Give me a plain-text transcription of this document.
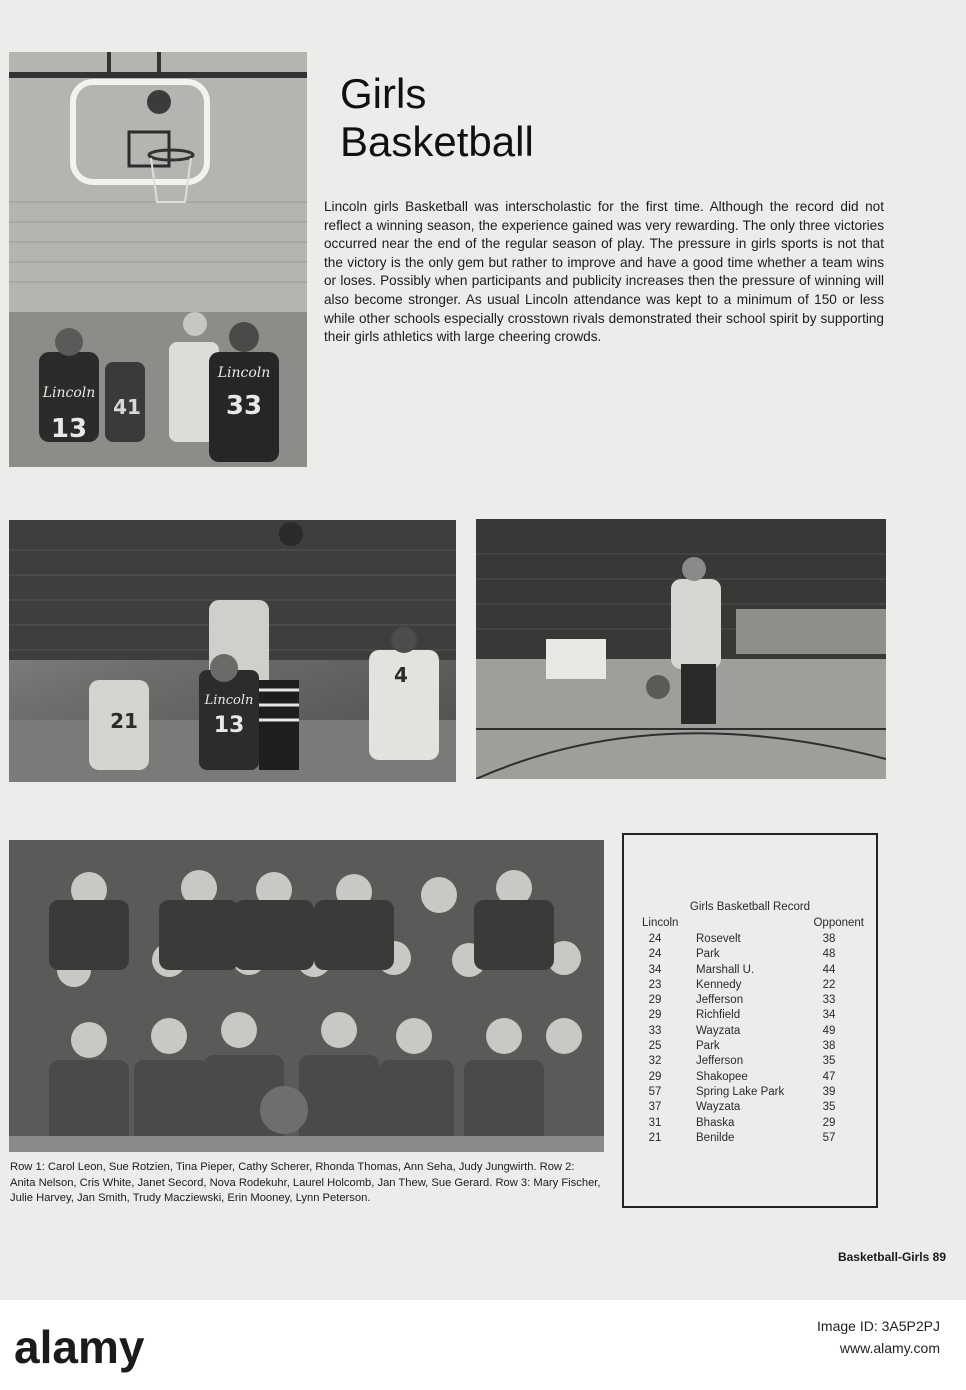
Lincoln
13
Lincoln
33
41
Girls
Basketball

Lincoln girls Basketball was interscholastic for the first time. Although the record did not reflect a winning season, the experience gained was very rewarding. The only three victories occurred near the end of the regular season of play. The pressure in girls sports is not that the victory is the only gem but rather to improve and have a good time whether a team wins or loses. Possibly when participants and publicity increases then the pressure of winning will also become stronger. As usual Lincoln attendance was kept to a minimum of 150 or less while other schools especially crosstown rivals demonstrated their school spirit by supporting their girls athletics with large cheering crowds.

Lincoln
13
21
4

Row 1: Carol Leon, Sue Rotzien, Tina Pieper, Cathy Scherer, Rhonda Thomas, Ann Seha, Judy Jungwirth. Row 2: Anita Nelson, Cris White, Janet Secord, Nova Rodekuhr, Laurel Holcomb, Jan Thew, Sue Gerard. Row 3: Mary Fischer, Julie Harvey, Jan Smith, Trudy Macziewski, Erin Mooney, Lynn Peterson.

Girls Basketball Record
Lincoln	Opponent
24	Rosevelt	38
24	Park	48
34	Marshall U.	44
23	Kennedy	22
29	Jefferson	33
29	Richfield	34
33	Wayzata	49
25	Park	38
32	Jefferson	35
29	Shakopee	47
57	Spring Lake Park	39
37	Wayzata	35
31	Bhaska	29
21	Benilde	57
Basketball-Girls 89
alamy	Image ID: 3A5P2PJ
www.alamy.com
